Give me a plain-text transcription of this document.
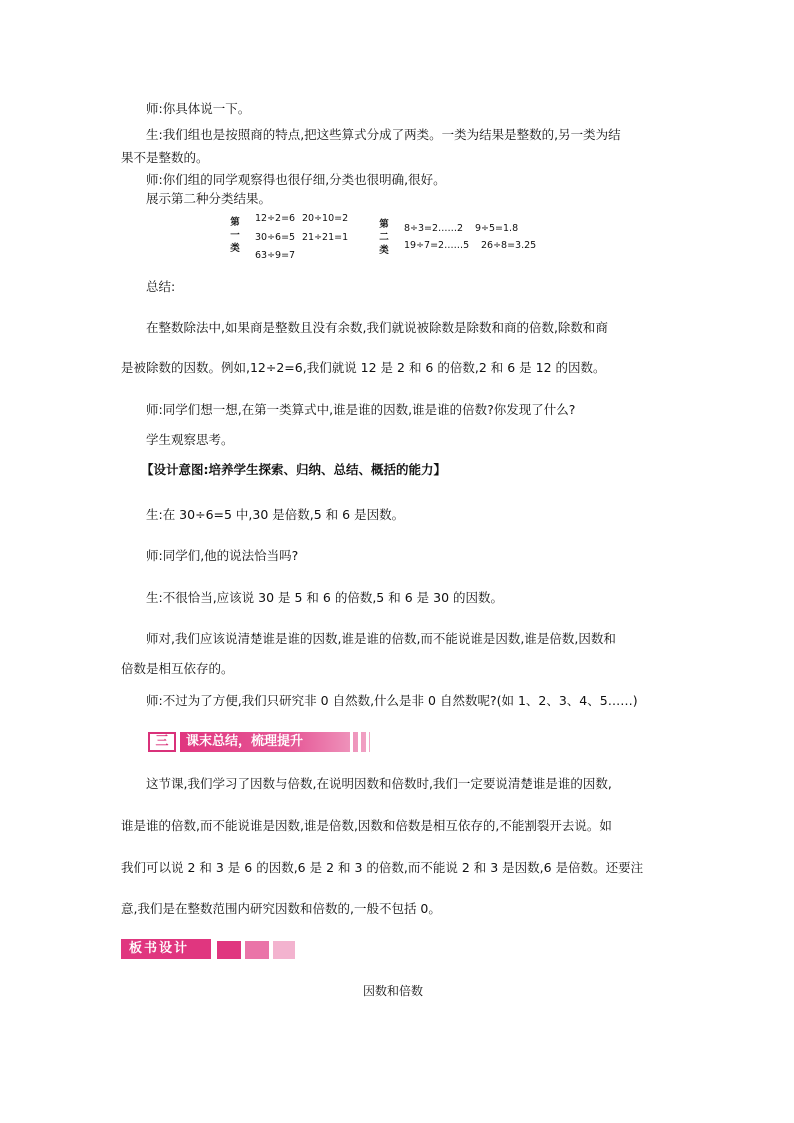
师:你具体说一下。
生:我们组也是按照商的特点,把这些算式分成了两类。一类为结果是整数的,另一类为结
果不是整数的。
师:你们组的同学观察得也很仔细,分类也很明确,很好。
展示第二种分类结果。
第
一
类
12÷2=6 20÷10=2
30÷6=5 21÷21=1
63÷9=7
第
二
类
8÷3=2……2 9÷5=1.8
19÷7=2……5 26÷8=3.25
总结:
在整数除法中,如果商是整数且没有余数,我们就说被除数是除数和商的倍数,除数和商
是被除数的因数。例如,12÷2=6,我们就说 12 是 2 和 6 的倍数,2 和 6 是 12 的因数。
师:同学们想一想,在第一类算式中,谁是谁的因数,谁是谁的倍数?你发现了什么?
学生观察思考。
【设计意图:培养学生探索、归纳、总结、概括的能力】
生:在 30÷6=5 中,30 是倍数,5 和 6 是因数。
师:同学们,他的说法恰当吗?
生:不很恰当,应该说 30 是 5 和 6 的倍数,5 和 6 是 30 的因数。
师对,我们应该说清楚谁是谁的因数,谁是谁的倍数,而不能说谁是因数,谁是倍数,因数和
倍数是相互依存的。
师:不过为了方便,我们只研究非 0 自然数,什么是非 0 自然数呢?(如 1、2、3、4、5……)
三	课末总结，梳理提升
这节课,我们学习了因数与倍数,在说明因数和倍数时,我们一定要说清楚谁是谁的因数,
谁是谁的倍数,而不能说谁是因数,谁是倍数,因数和倍数是相互依存的,不能割裂开去说。如
我们可以说 2 和 3 是 6 的因数,6 是 2 和 3 的倍数,而不能说 2 和 3 是因数,6 是倍数。还要注
意,我们是在整数范围内研究因数和倍数的,一般不包括 0。
板书设计
因数和倍数
